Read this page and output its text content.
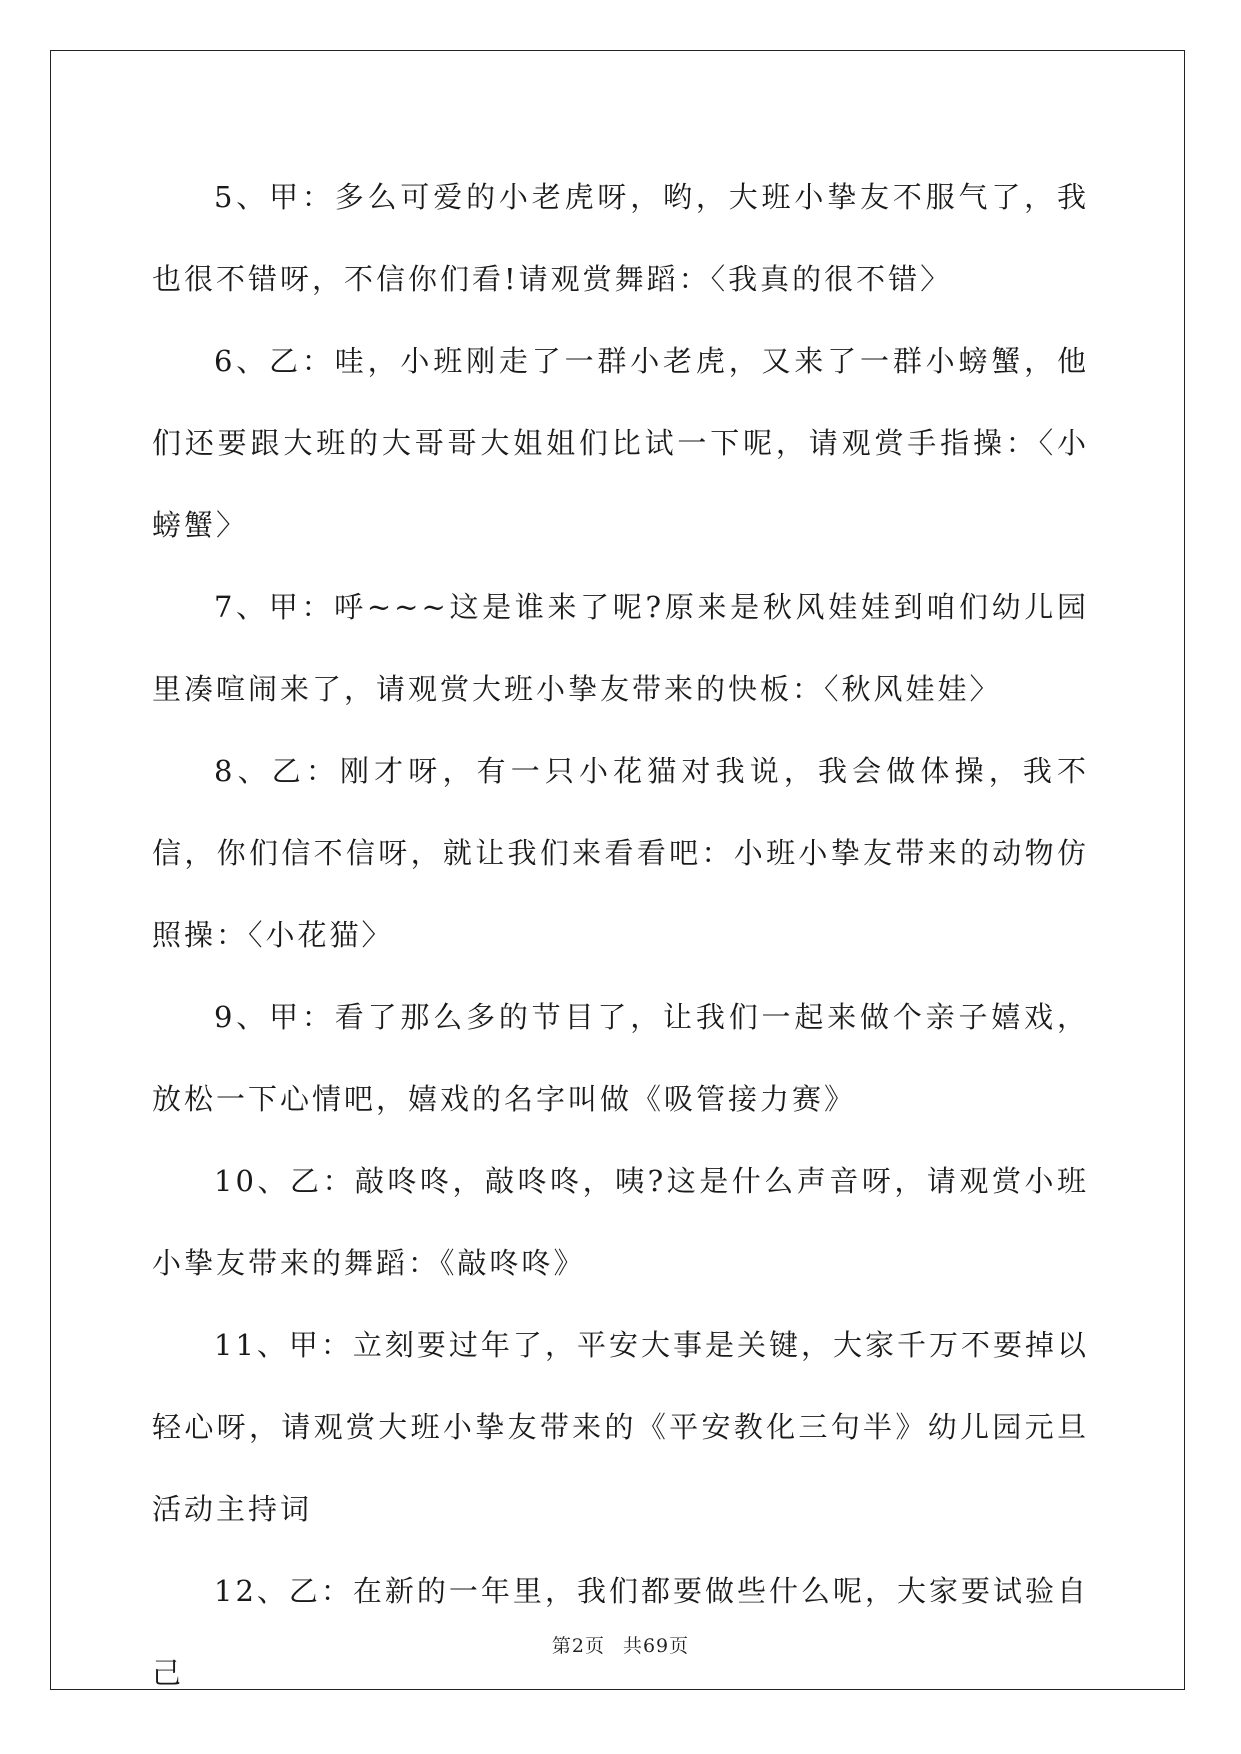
5、甲：多么可爱的小老虎呀，哟，大班小挚友不服气了，我也很不错呀，不信你们看!请观赏舞蹈：〈我真的很不错〉

6、乙：哇，小班刚走了一群小老虎，又来了一群小螃蟹，他们还要跟大班的大哥哥大姐姐们比试一下呢，请观赏手指操：〈小螃蟹〉

7、甲：呼~~~这是谁来了呢?原来是秋风娃娃到咱们幼儿园里凑喧闹来了，请观赏大班小挚友带来的快板：〈秋风娃娃〉

8、乙：刚才呀，有一只小花猫对我说，我会做体操，我不信，你们信不信呀，就让我们来看看吧：小班小挚友带来的动物仿照操：〈小花猫〉

9、甲：看了那么多的节目了，让我们一起来做个亲子嬉戏，放松一下心情吧，嬉戏的名字叫做《吸管接力赛》

10、乙：敲咚咚，敲咚咚，咦?这是什么声音呀，请观赏小班小挚友带来的舞蹈：《敲咚咚》

11、甲：立刻要过年了，平安大事是关键，大家千万不要掉以轻心呀，请观赏大班小挚友带来的《平安教化三句半》幼儿园元旦活动主持词

12、乙：在新的一年里，我们都要做些什么呢，大家要试验自己

第2页 共69页
